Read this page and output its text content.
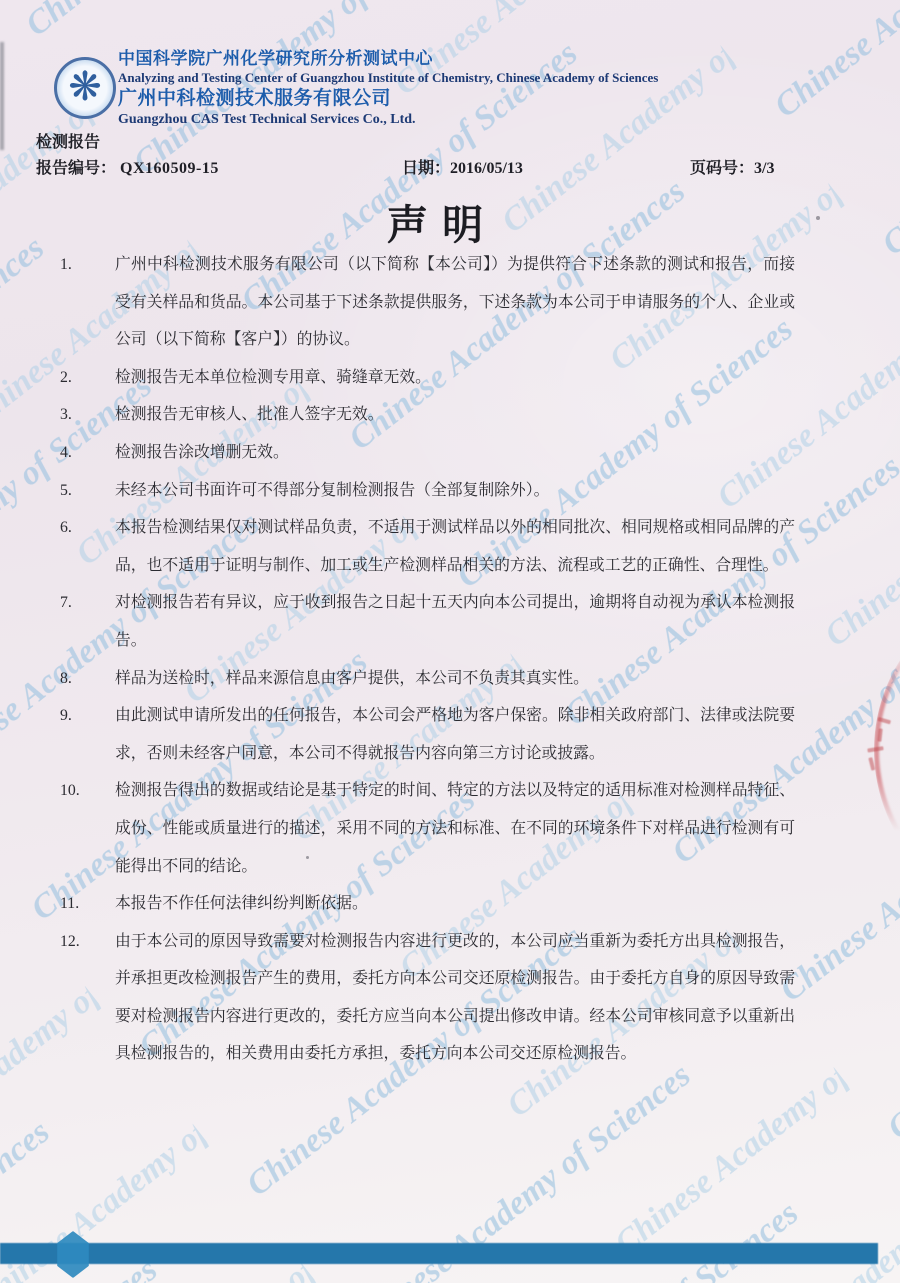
❋
中国科学院广州化学研究所分析测试中心
Analyzing and Testing Center of Guangzhou Institute of Chemistry, Chinese Academy of Sciences
广州中科检测技术服务有限公司
Guangzhou CAS Test Technical Services Co., Ltd.
检测报告
报告编号： QX160509-15	日期：2016/05/13	页码号：3/3
声 明
1.	广州中科检测技术服务有限公司（以下简称【本公司】）为提供符合下述条款的测试和报告，而接受有关样品和货品。本公司基于下述条款提供服务，下述条款为本公司于申请服务的个人、企业或公司（以下简称【客户】）的协议。
2.	检测报告无本单位检测专用章、骑缝章无效。
3.	检测报告无审核人、批准人签字无效。
4.	检测报告涂改增删无效。
5.	未经本公司书面许可不得部分复制检测报告（全部复制除外）。
6.	本报告检测结果仅对测试样品负责，不适用于测试样品以外的相同批次、相同规格或相同品牌的产品，也不适用于证明与制作、加工或生产检测样品相关的方法、流程或工艺的正确性、合理性。
7.	对检测报告若有异议，应于收到报告之日起十五天内向本公司提出，逾期将自动视为承认本检测报告。
8.	样品为送检时，样品来源信息由客户提供，本公司不负责其真实性。
9.	由此测试申请所发出的任何报告，本公司会严格地为客户保密。除非相关政府部门、法律或法院要求，否则未经客户同意，本公司不得就报告内容向第三方讨论或披露。
10. 检测报告得出的数据或结论是基于特定的时间、特定的方法以及特定的适用标准对检测样品特征、成份、性能或质量进行的描述，采用不同的方法和标准、在不同的环境条件下对样品进行检测有可能得出不同的结论。
11. 本报告不作任何法律纠纷判断依据。
12. 由于本公司的原因导致需要对检测报告内容进行更改的，本公司应当重新为委托方出具检测报告，并承担更改检测报告产生的费用，委托方向本公司交还原检测报告。由于委托方自身的原因导致需要对检测报告内容进行更改的，委托方应当向本公司提出修改申请。经本公司审核同意予以重新出具检测报告的，相关费用由委托方承担，委托方向本公司交还原检测报告。
